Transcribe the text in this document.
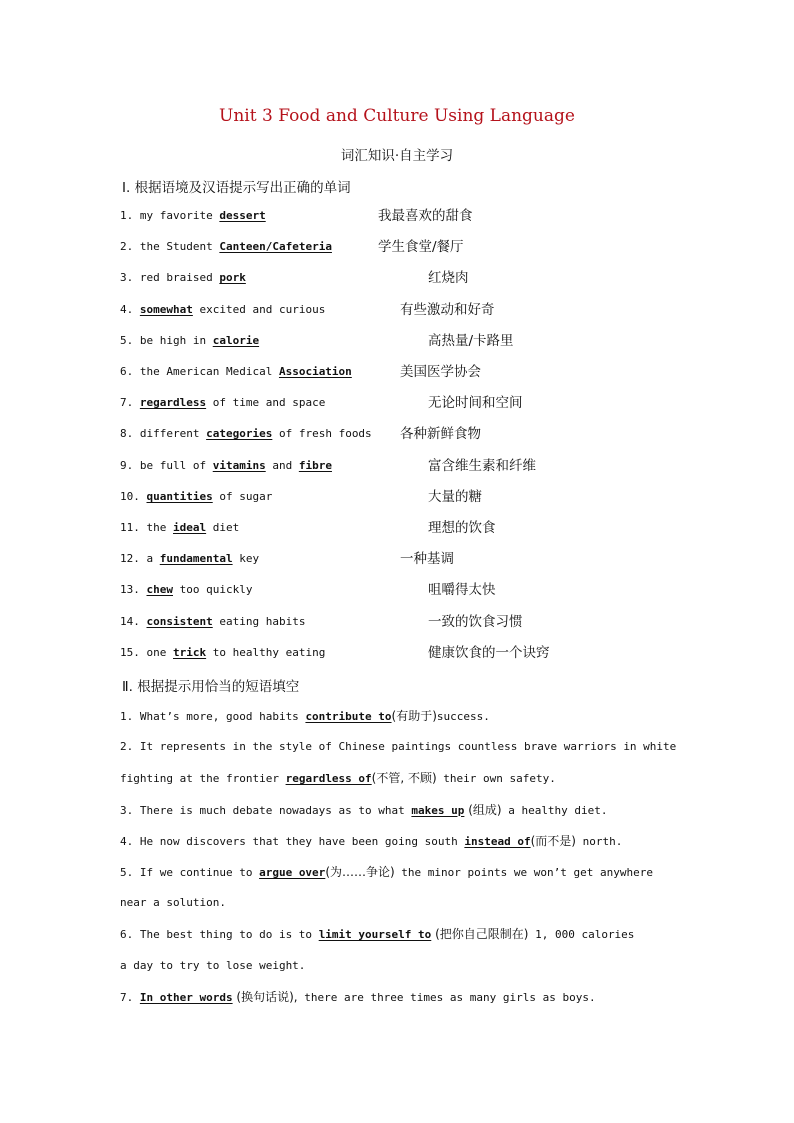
Unit 3 Food and Culture Using Language
词汇知识·自主学习
Ⅰ. 根据语境及汉语提示写出正确的单词
1. my favorite dessert	我最喜欢的甜食
2. the Student Canteen/Cafeteria	学生食堂/餐厅
3. red braised pork	红烧肉
4. somewhat excited and curious	有些激动和好奇
5. be high in calorie	高热量/卡路里
6. the American Medical Association	美国医学协会
7. regardless of time and space	无论时间和空间
8. different categories of fresh foods 各种新鲜食物
9. be full of vitamins and fibre	富含维生素和纤维
10. quantities of sugar	大量的糖
11. the ideal diet	理想的饮食
12. a fundamental key	一种基调
13. chew too quickly	咀嚼得太快
14. consistent eating habits	一致的饮食习惯
15. one trick to healthy eating	健康饮食的一个诀窍
Ⅱ. 根据提示用恰当的短语填空
1. What’s more, good habits contribute to(有助于)success.
2. It represents in the style of Chinese paintings countless brave warriors in white
fighting at the frontier regardless of(不管, 不顾) their own safety.
3. There is much debate nowadays as to what makes up (组成) a healthy diet.
4. He now discovers that they have been going south instead of(而不是) north.
5. If we continue to argue over(为……争论) the minor points we won’t get anywhere
near a solution.
6. The best thing to do is to limit yourself to (把你自己限制在) 1, 000 calories
a day to try to lose weight.
7. In other words (换句话说), there are three times as many girls as boys.
